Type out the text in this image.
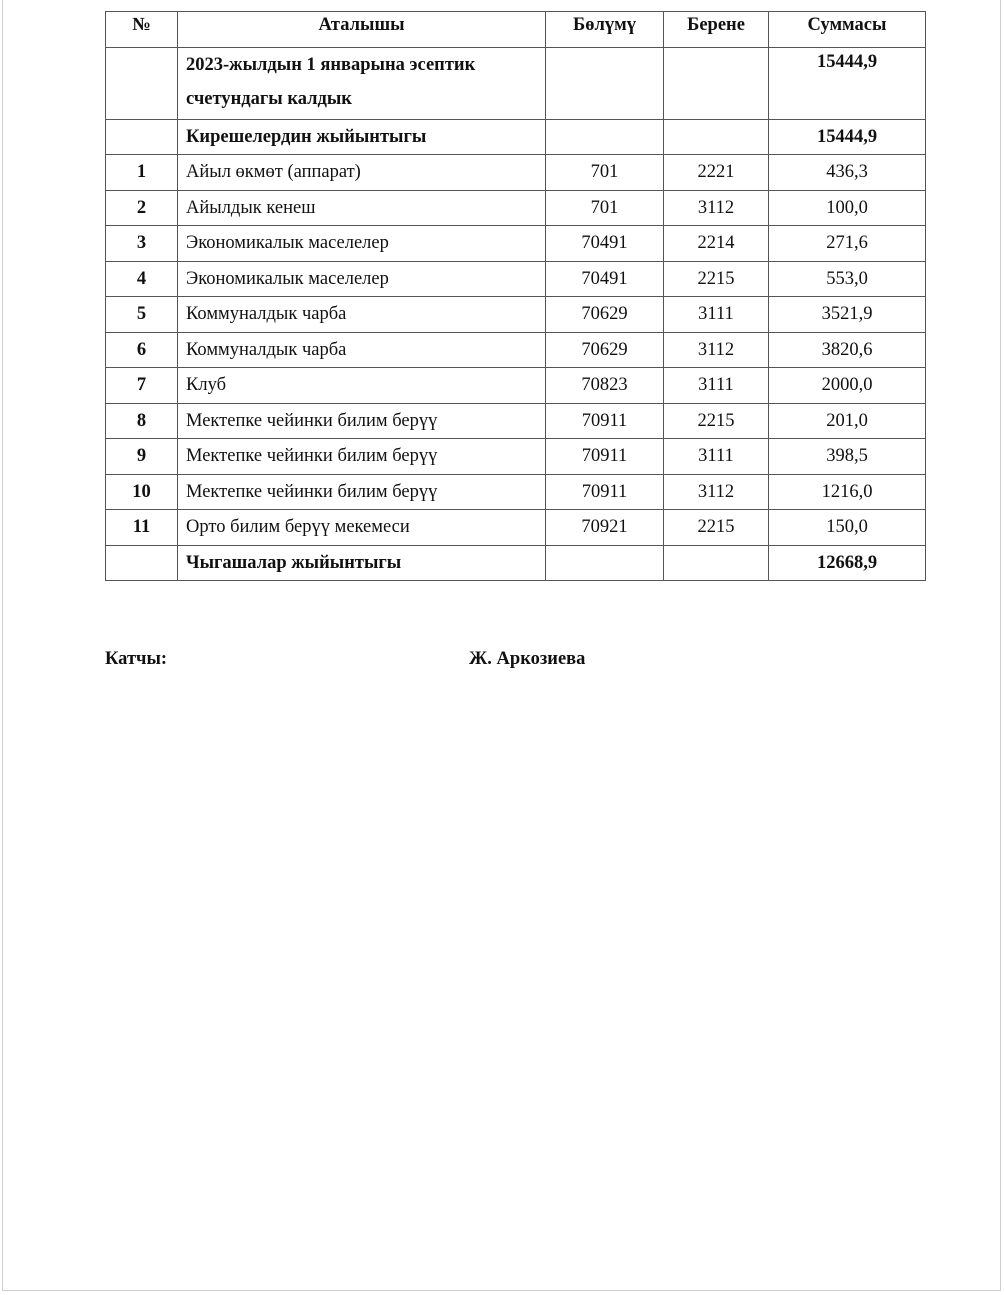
№	Аталышы	Бөлүмү	Берене	Суммасы
	2023-жылдын 1 январына эсептик счетундагы калдык			15444,9
	Кирешелердин жыйынтыгы			15444,9
1	Айыл өкмөт (аппарат)	701	2221	436,3
2	Айылдык кенеш	701	3112	100,0
3	Экономикалык маселелер	70491	2214	271,6
4	Экономикалык маселелер	70491	2215	553,0
5	Коммуналдык чарба	70629	3111	3521,9
6	Коммуналдык чарба	70629	3112	3820,6
7	Клуб	70823	3111	2000,0
8	Мектепке чейинки билим берүү	70911	2215	201,0
9	Мектепке чейинки билим берүү	70911	3111	398,5
10	Мектепке чейинки билим берүү	70911	3112	1216,0
11	Орто билим берүү мекемеси	70921	2215	150,0
	Чыгашалар жыйынтыгы			12668,9
Катчы:	Ж. Аркозиева
